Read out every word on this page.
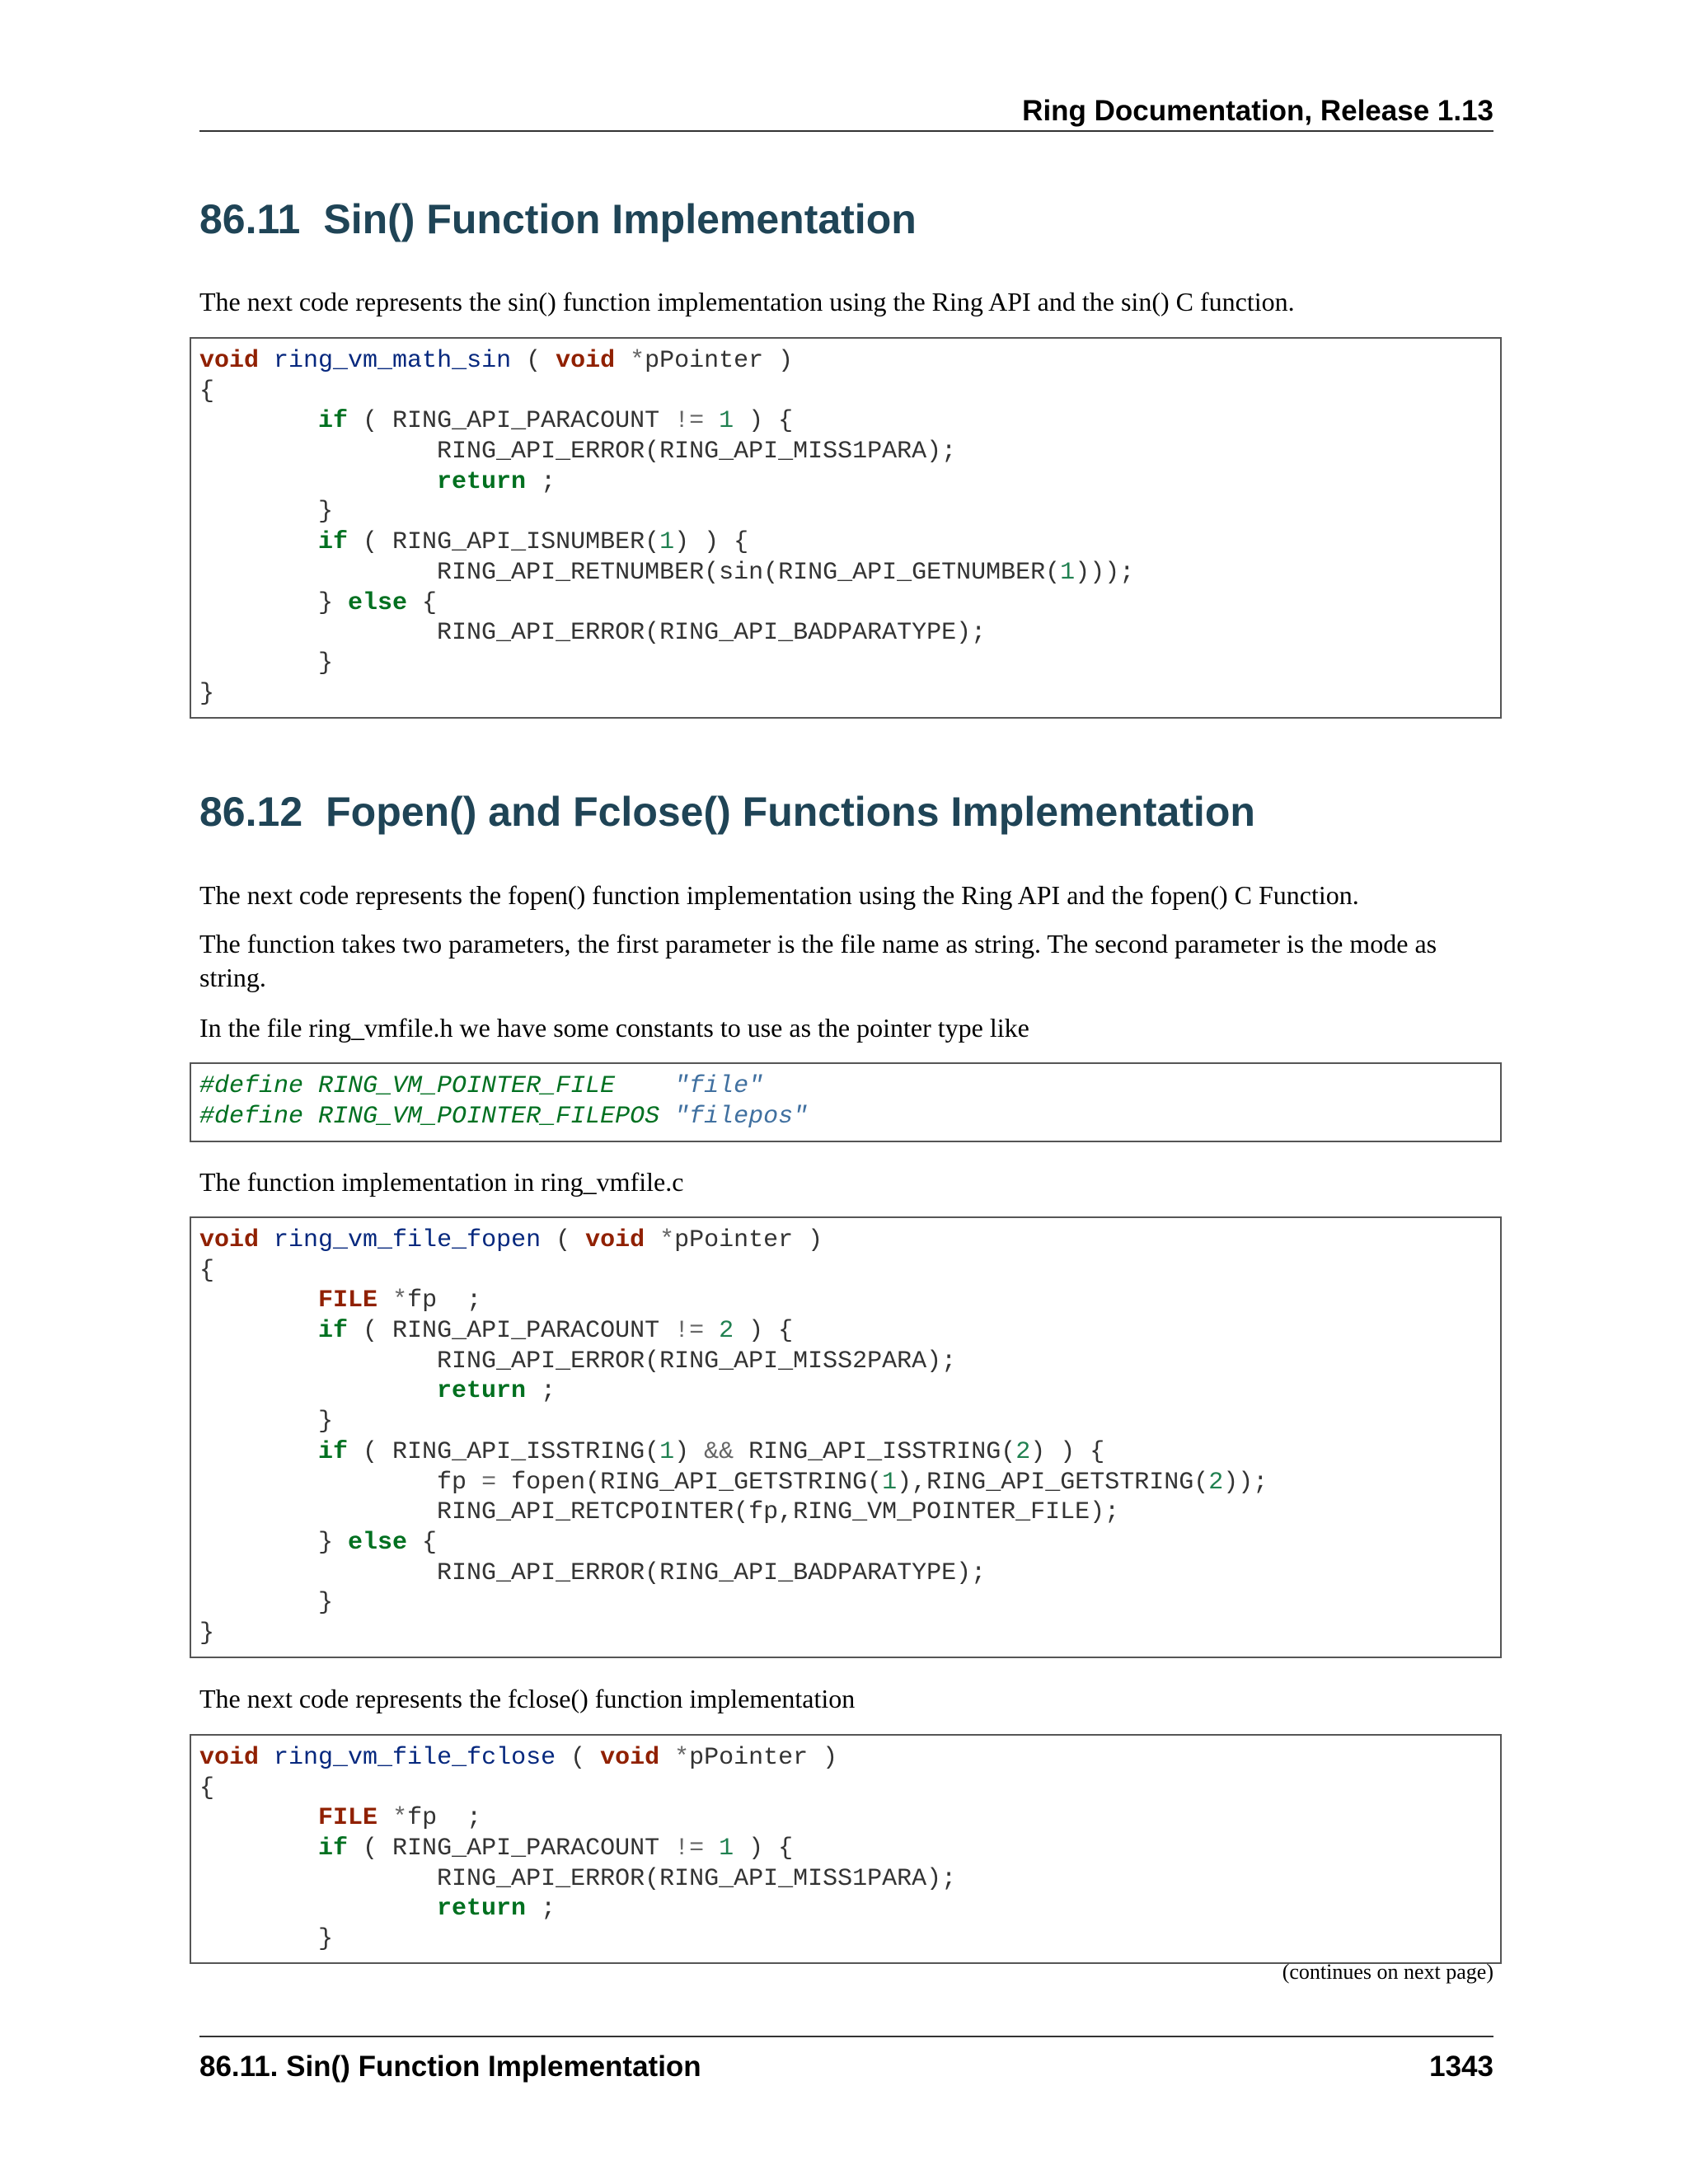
Ring Documentation, Release 1.13
86.11 Sin() Function Implementation

The next code represents the sin() function implementation using the Ring API and the sin() C function.

void ring_vm_math_sin ( void *pPointer )
{
if ( RING_API_PARACOUNT != 1 ) {
RING_API_ERROR(RING_API_MISS1PARA);
return ;
}
if ( RING_API_ISNUMBER(1) ) {
RING_API_RETNUMBER(sin(RING_API_GETNUMBER(1)));
} else {
RING_API_ERROR(RING_API_BADPARATYPE);
}
}
86.12 Fopen() and Fclose() Functions Implementation

The next code represents the fopen() function implementation using the Ring API and the fopen() C Function.

The function takes two parameters, the first parameter is the file name as string. The second parameter is the mode as string.

In the file ring_vmfile.h we have some constants to use as the pointer type like

#define RING_VM_POINTER_FILE    "file"
#define RING_VM_POINTER_FILEPOS "filepos"

The function implementation in ring_vmfile.c

void ring_vm_file_fopen ( void *pPointer )
{
FILE *fp  ;
if ( RING_API_PARACOUNT != 2 ) {
RING_API_ERROR(RING_API_MISS2PARA);
return ;
}
if ( RING_API_ISSTRING(1) && RING_API_ISSTRING(2) ) {
fp = fopen(RING_API_GETSTRING(1),RING_API_GETSTRING(2));
RING_API_RETCPOINTER(fp,RING_VM_POINTER_FILE);
} else {
RING_API_ERROR(RING_API_BADPARATYPE);
}
}

The next code represents the fclose() function implementation

void ring_vm_file_fclose ( void *pPointer )
{
FILE *fp  ;
if ( RING_API_PARACOUNT != 1 ) {
RING_API_ERROR(RING_API_MISS1PARA);
return ;
}
(continues on next page)
86.11. Sin() Function Implementation	1343
